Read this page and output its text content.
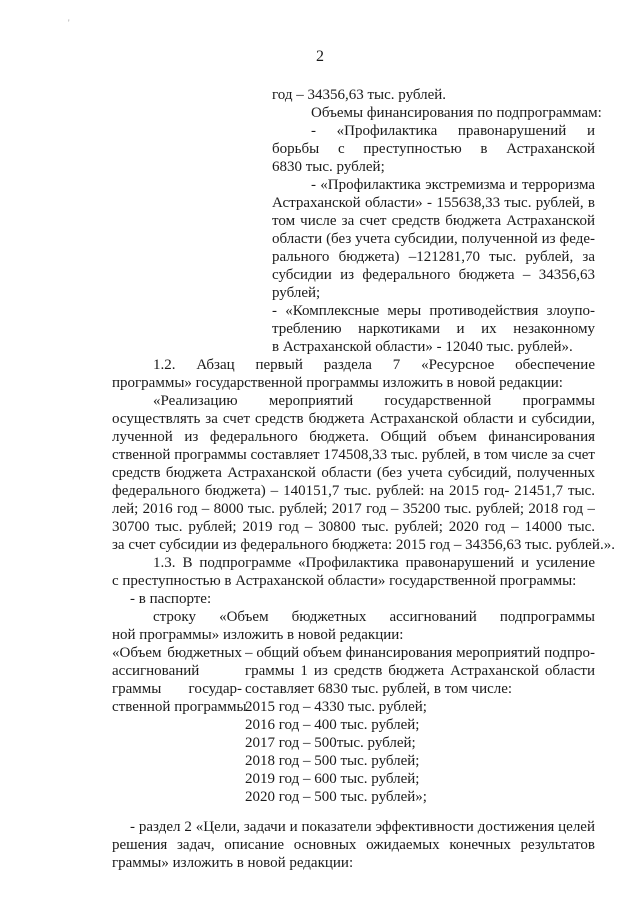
'
2
год – 34356,63 тыс. рублей.
Объемы финансирования по подпрограммам:
- «Профилактика правонарушений и
борьбы с преступностью в Астраханской
6830 тыс. рублей;
- «Профилактика экстремизма и терроризма
Астраханской области» - 155638,33 тыс. рублей, в
том числе за счет средств бюджета Астраханской
области (без учета субсидии, полученной из феде-
рального бюджета) –121281,70 тыс. рублей, за
субсидии из федерального бюджета – 34356,63
рублей;
- «Комплексные меры противодействия злоупо-
треблению наркотиками и их незаконному
в Астраханской области» - 12040 тыс. рублей».
1.2. Абзац первый раздела 7 «Ресурсное обеспечение
программы» государственной программы изложить в новой редакции:
«Реализацию мероприятий государственной программы
осуществлять за счет средств бюджета Астраханской области и субсидии,
лученной из федерального бюджета. Общий объем финансирования
ственной программы составляет 174508,33 тыс. рублей, в том числе за счет
средств бюджета Астраханской области (без учета субсидий, полученных
федерального бюджета) – 140151,7 тыс. рублей: на 2015 год- 21451,7 тыс.
лей; 2016 год – 8000 тыс. рублей; 2017 год – 35200 тыс. рублей; 2018 год –
30700 тыс. рублей; 2019 год – 30800 тыс. рублей; 2020 год – 14000 тыс.
за счет субсидии из федерального бюджета: 2015 год – 34356,63 тыс. рублей.».
1.3. В подпрограмме «Профилактика правонарушений и усиление
с преступностью в Астраханской области» государственной программы:
- в паспорте:
строку «Объем бюджетных ассигнований подпрограммы
ной программы» изложить в новой редакции:
«Объем бюджетных
ассигнований
граммы государ-
ственной программы
– общий объем финансирования мероприятий подпро-
граммы 1 из средств бюджета Астраханской области
составляет 6830 тыс. рублей, в том числе:
2015 год – 4330 тыс. рублей;
2016 год – 400 тыс. рублей;
2017 год – 500тыс. рублей;
2018 год – 500 тыс. рублей;
2019 год – 600 тыс. рублей;
2020 год – 500 тыс. рублей»;
- раздел 2 «Цели, задачи и показатели эффективности достижения целей
решения задач, описание основных ожидаемых конечных результатов
граммы» изложить в новой редакции:
